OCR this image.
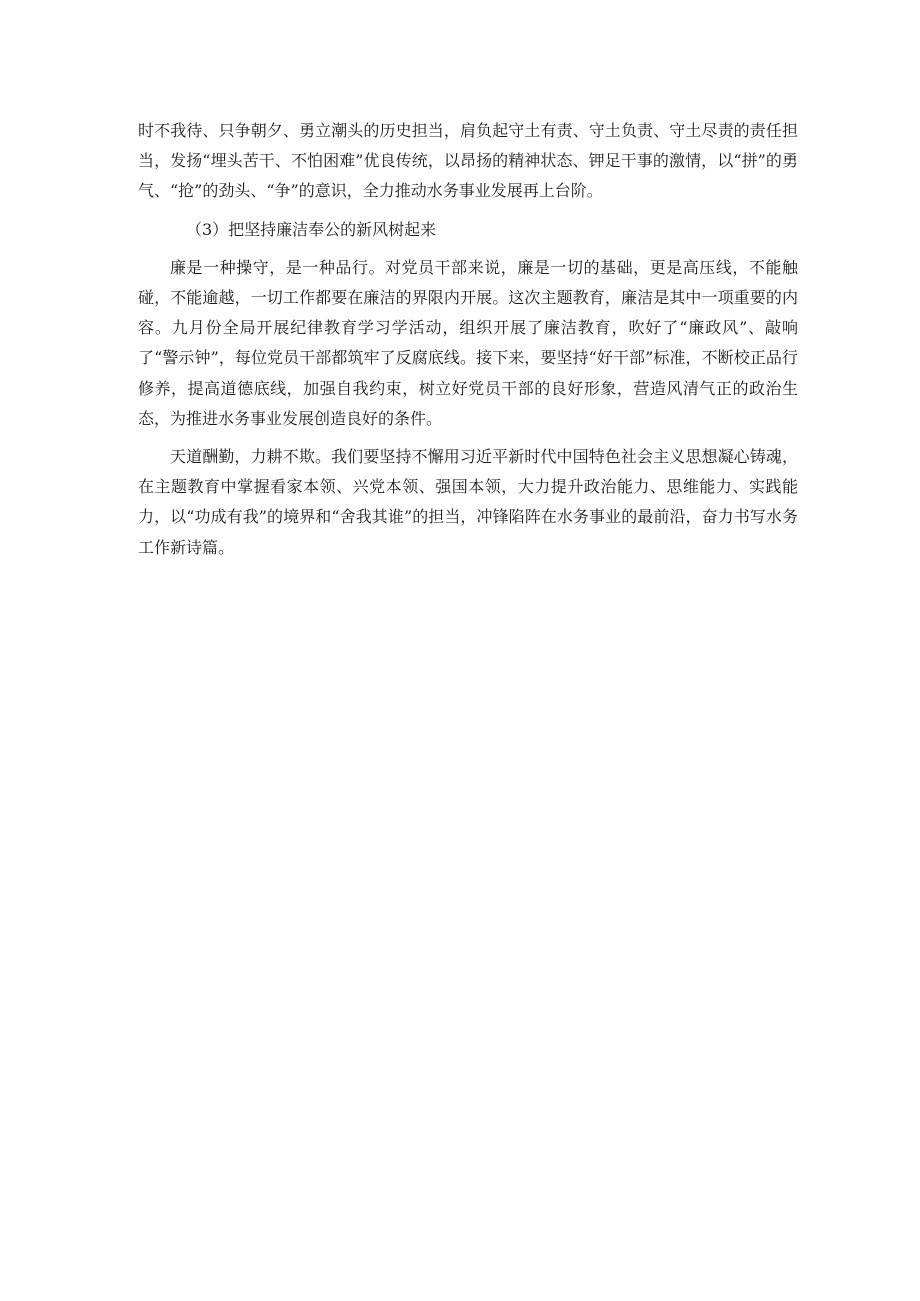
时不我待、只争朝夕、勇立潮头的历史担当，肩负起守土有责、守土负责、守土尽责的责任担当，发扬“埋头苦干、不怕困难”优良传统，以昂扬的精神状态、钾足干事的激情，以“拼”的勇气、“抢”的劲头、“争”的意识，全力推动水务事业发展再上台阶。

（3）把坚持廉洁奉公的新风树起来

廉是一种操守，是一种品行。对党员干部来说，廉是一切的基础，更是高压线，不能触碰，不能逾越，一切工作都要在廉洁的界限内开展。这次主题教育，廉洁是其中一项重要的内容。九月份全局开展纪律教育学习学活动，组织开展了廉洁教育，吹好了“廉政风”、敲响了“警示钟”，每位党员干部都筑牢了反腐底线。接下来，要坚持“好干部”标准，不断校正品行修养，提高道德底线，加强自我约束，树立好党员干部的良好形象，营造风清气正的政治生态，为推进水务事业发展创造良好的条件。

天道酬勤，力耕不欺。我们要坚持不懈用习近平新时代中国特色社会主义思想凝心铸魂，在主题教育中掌握看家本领、兴党本领、强国本领，大力提升政治能力、思维能力、实践能力，以“功成有我”的境界和“舍我其谁”的担当，冲锋陷阵在水务事业的最前沿，奋力书写水务工作新诗篇。
